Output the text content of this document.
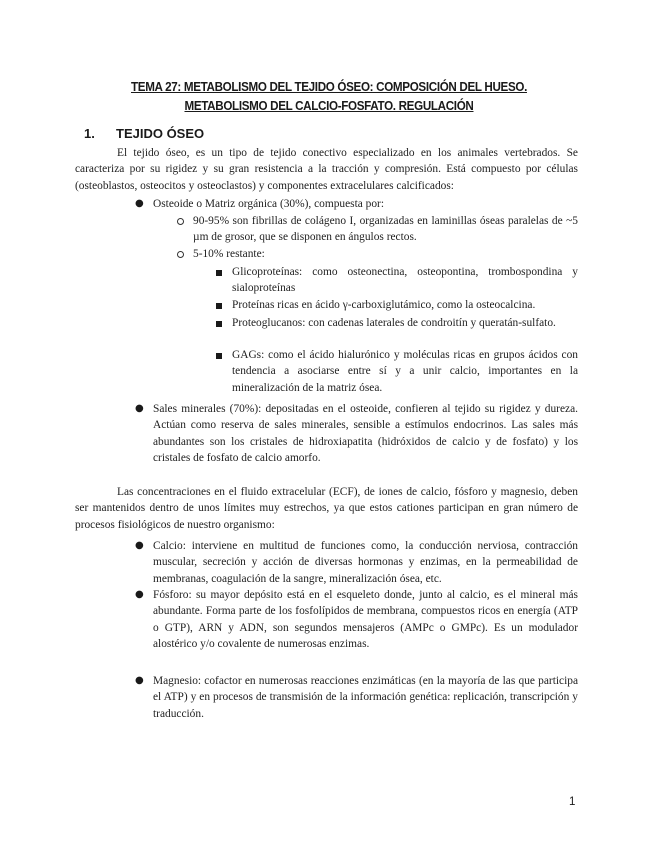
TEMA 27: METABOLISMO DEL TEJIDO ÓSEO: COMPOSICIÓN DEL HUESO.
METABOLISMO DEL CALCIO-FOSFATO. REGULACIÓN
1. TEJIDO ÓSEO
El tejido óseo, es un tipo de tejido conectivo especializado en los animales vertebrados. Se caracteriza por su rigidez y su gran resistencia a la tracción y compresión. Está compuesto por células (osteoblastos, osteocitos y osteoclastos) y componentes extracelulares calcificados:
● Osteoide o Matriz orgánica (30%), compuesta por:
90-95% son fibrillas de colágeno I, organizadas en laminillas óseas paralelas de ~5 µm de grosor, que se disponen en ángulos rectos.
5-10% restante:
Glicoproteínas: como osteonectina, osteopontina, trombospondina y sialoproteínas
Proteínas ricas en ácido γ-carboxiglutámico, como la osteocalcina.
Proteoglucanos: con cadenas laterales de condroitín y queratán-sulfato.
GAGs: como el ácido hialurónico y moléculas ricas en grupos ácidos con tendencia a asociarse entre sí y a unir calcio, importantes en la mineralización de la matriz ósea.
● Sales minerales (70%): depositadas en el osteoide, confieren al tejido su rigidez y dureza. Actúan como reserva de sales minerales, sensible a estímulos endocrinos. Las sales más abundantes son los cristales de hidroxiapatita (hidróxidos de calcio y de fosfato) y los cristales de fosfato de calcio amorfo.
Las concentraciones en el fluido extracelular (ECF), de iones de calcio, fósforo y magnesio, deben ser mantenidos dentro de unos límites muy estrechos, ya que estos cationes participan en gran número de procesos fisiológicos de nuestro organismo:
● Calcio: interviene en multitud de funciones como, la conducción nerviosa, contracción muscular, secreción y acción de diversas hormonas y enzimas, en la permeabilidad de membranas, coagulación de la sangre, mineralización ósea, etc.
● Fósforo: su mayor depósito está en el esqueleto donde, junto al calcio, es el mineral más abundante. Forma parte de los fosfolípidos de membrana, compuestos ricos en energía (ATP o GTP), ARN y ADN, son segundos mensajeros (AMPc o GMPc). Es un modulador alostérico y/o covalente de numerosas enzimas.
● Magnesio: cofactor en numerosas reacciones enzimáticas (en la mayoría de las que participa el ATP) y en procesos de transmisión de la información genética: replicación, transcripción y traducción.
1
